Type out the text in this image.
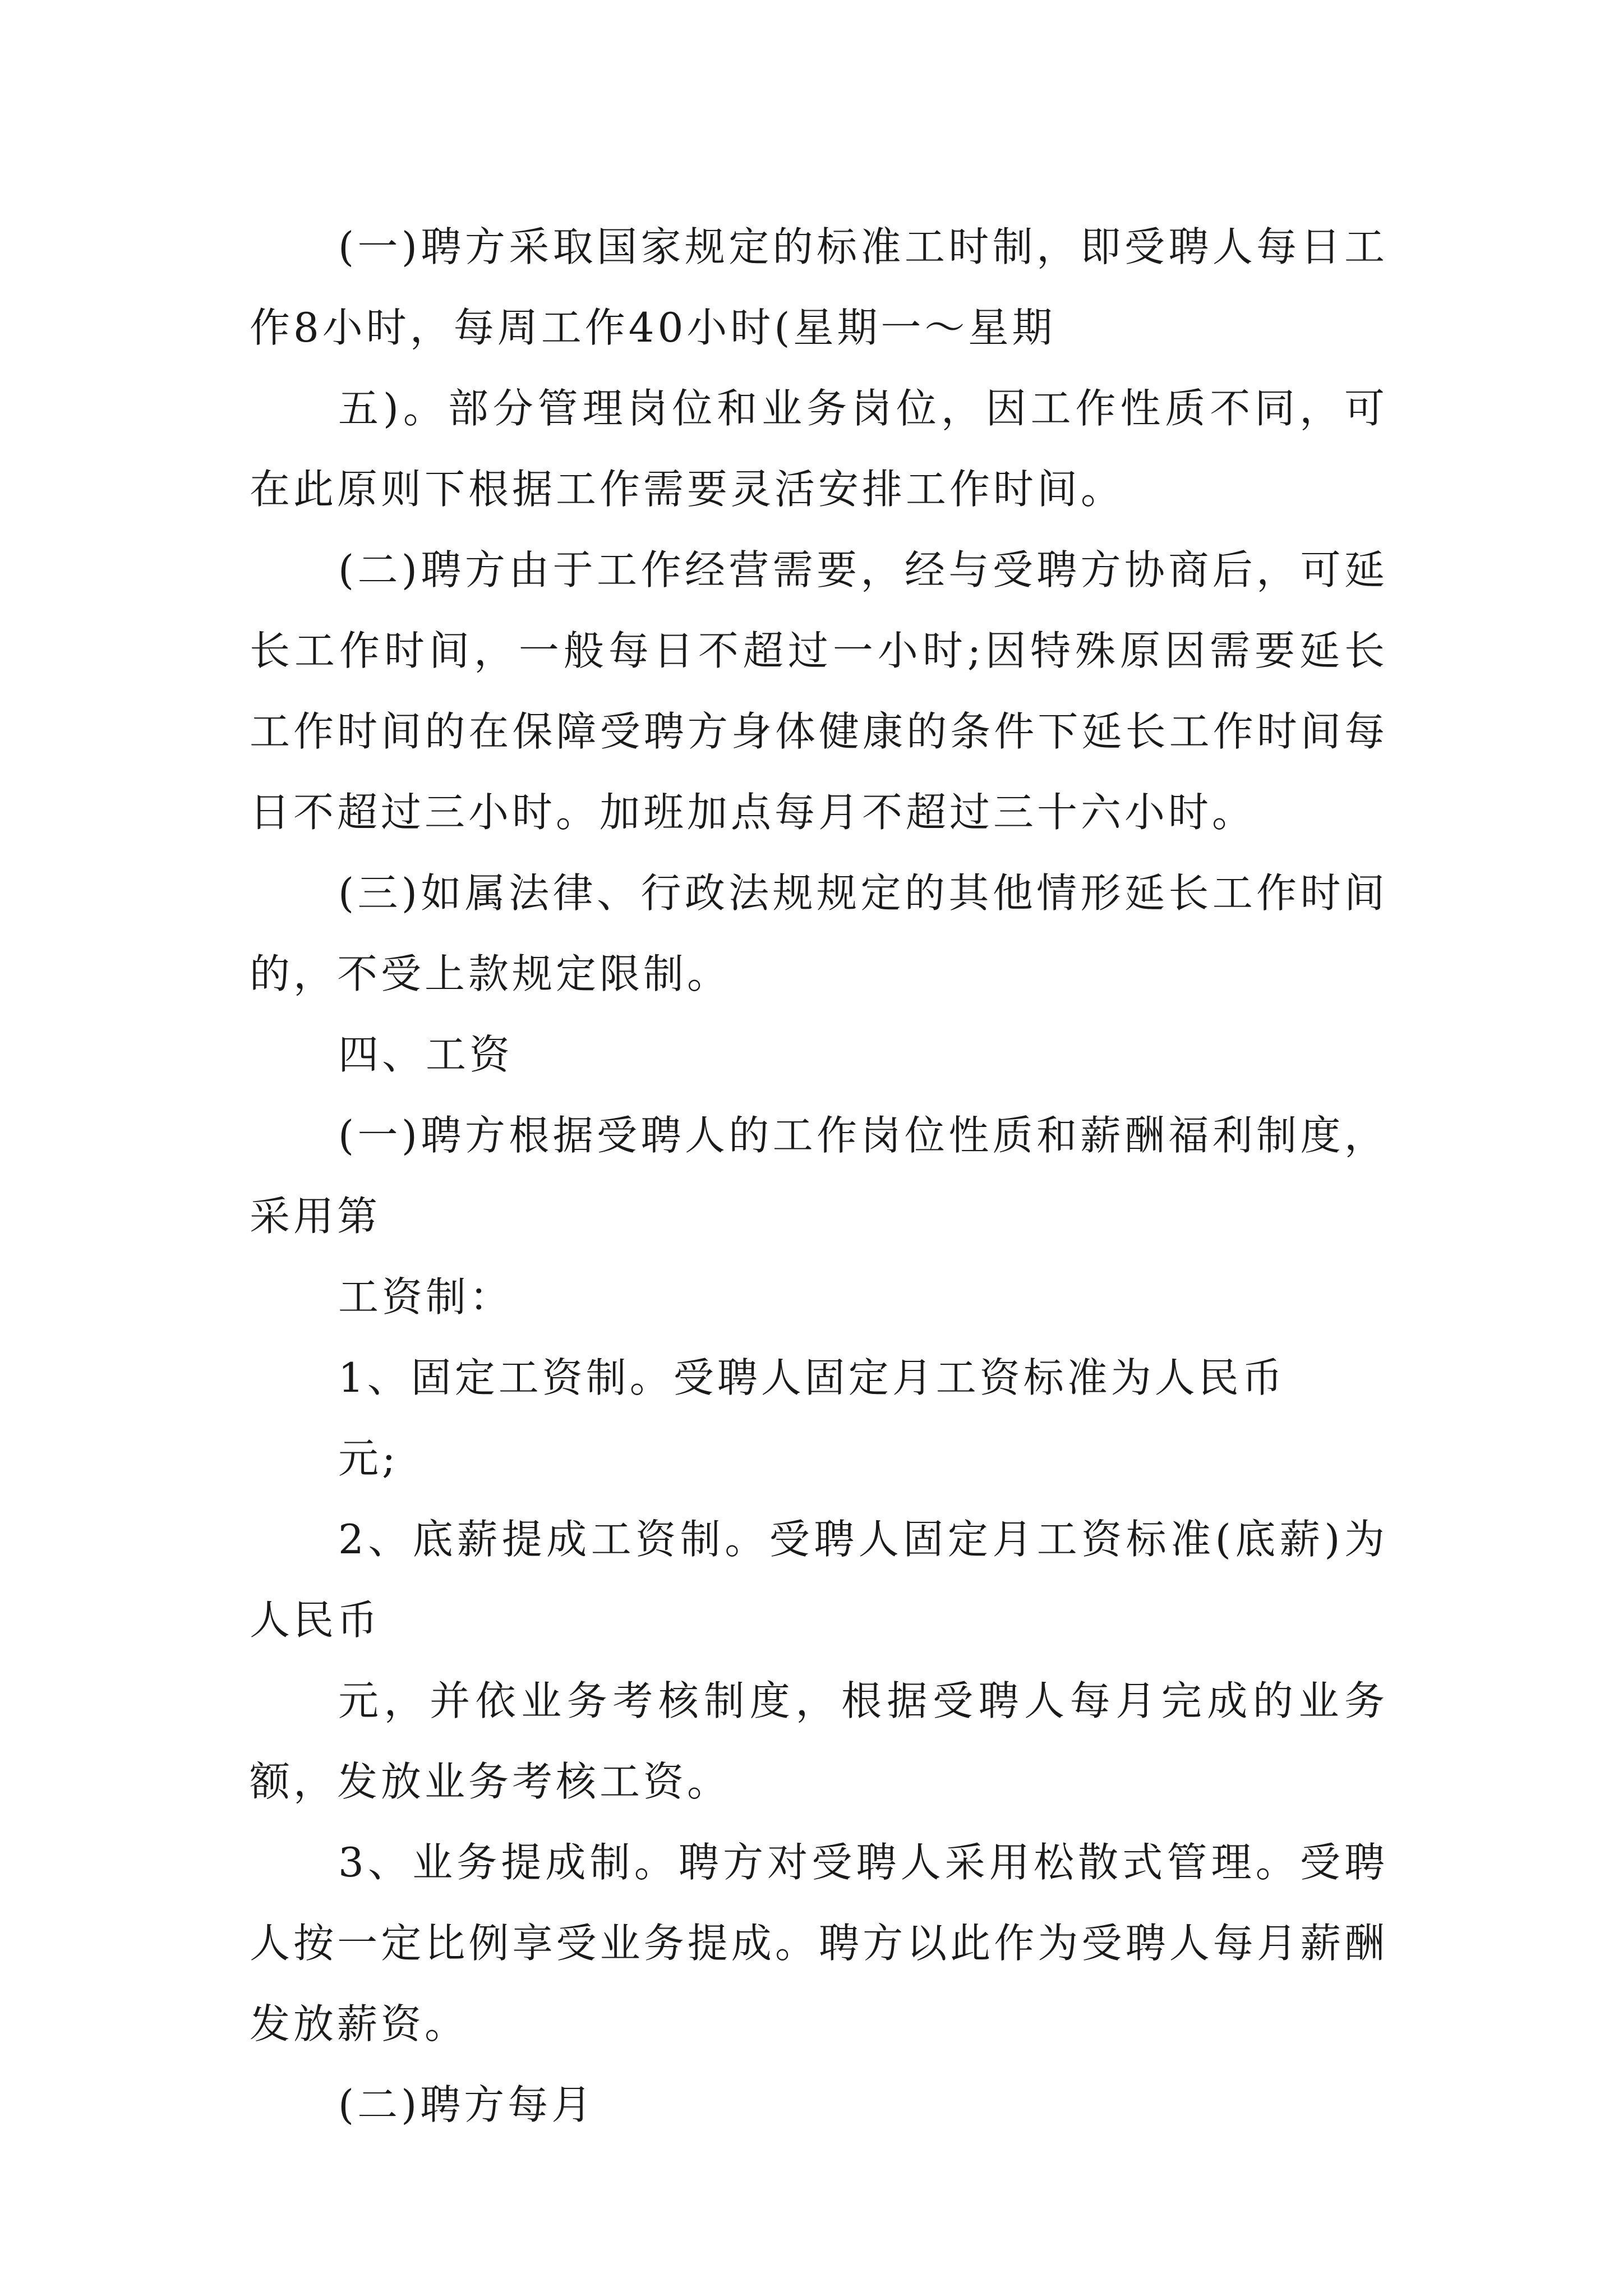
(一)聘方采取国家规定的标准工时制，即受聘人每日工作8小时，每周工作40小时(星期一～星期

五)。部分管理岗位和业务岗位，因工作性质不同，可在此原则下根据工作需要灵活安排工作时间。

(二)聘方由于工作经营需要，经与受聘方协商后，可延长工作时间，一般每日不超过一小时;因特殊原因需要延长工作时间的在保障受聘方身体健康的条件下延长工作时间每日不超过三小时。加班加点每月不超过三十六小时。

(三)如属法律、行政法规规定的其他情形延长工作时间的，不受上款规定限制。

四、工资

(一)聘方根据受聘人的工作岗位性质和薪酬福利制度，采用第

工资制：

1、固定工资制。受聘人固定月工资标准为人民币

元;

2、底薪提成工资制。受聘人固定月工资标准(底薪)为人民币

元，并依业务考核制度，根据受聘人每月完成的业务额，发放业务考核工资。

3、业务提成制。聘方对受聘人采用松散式管理。受聘人按一定比例享受业务提成。聘方以此作为受聘人每月薪酬发放薪资。

(二)聘方每月
